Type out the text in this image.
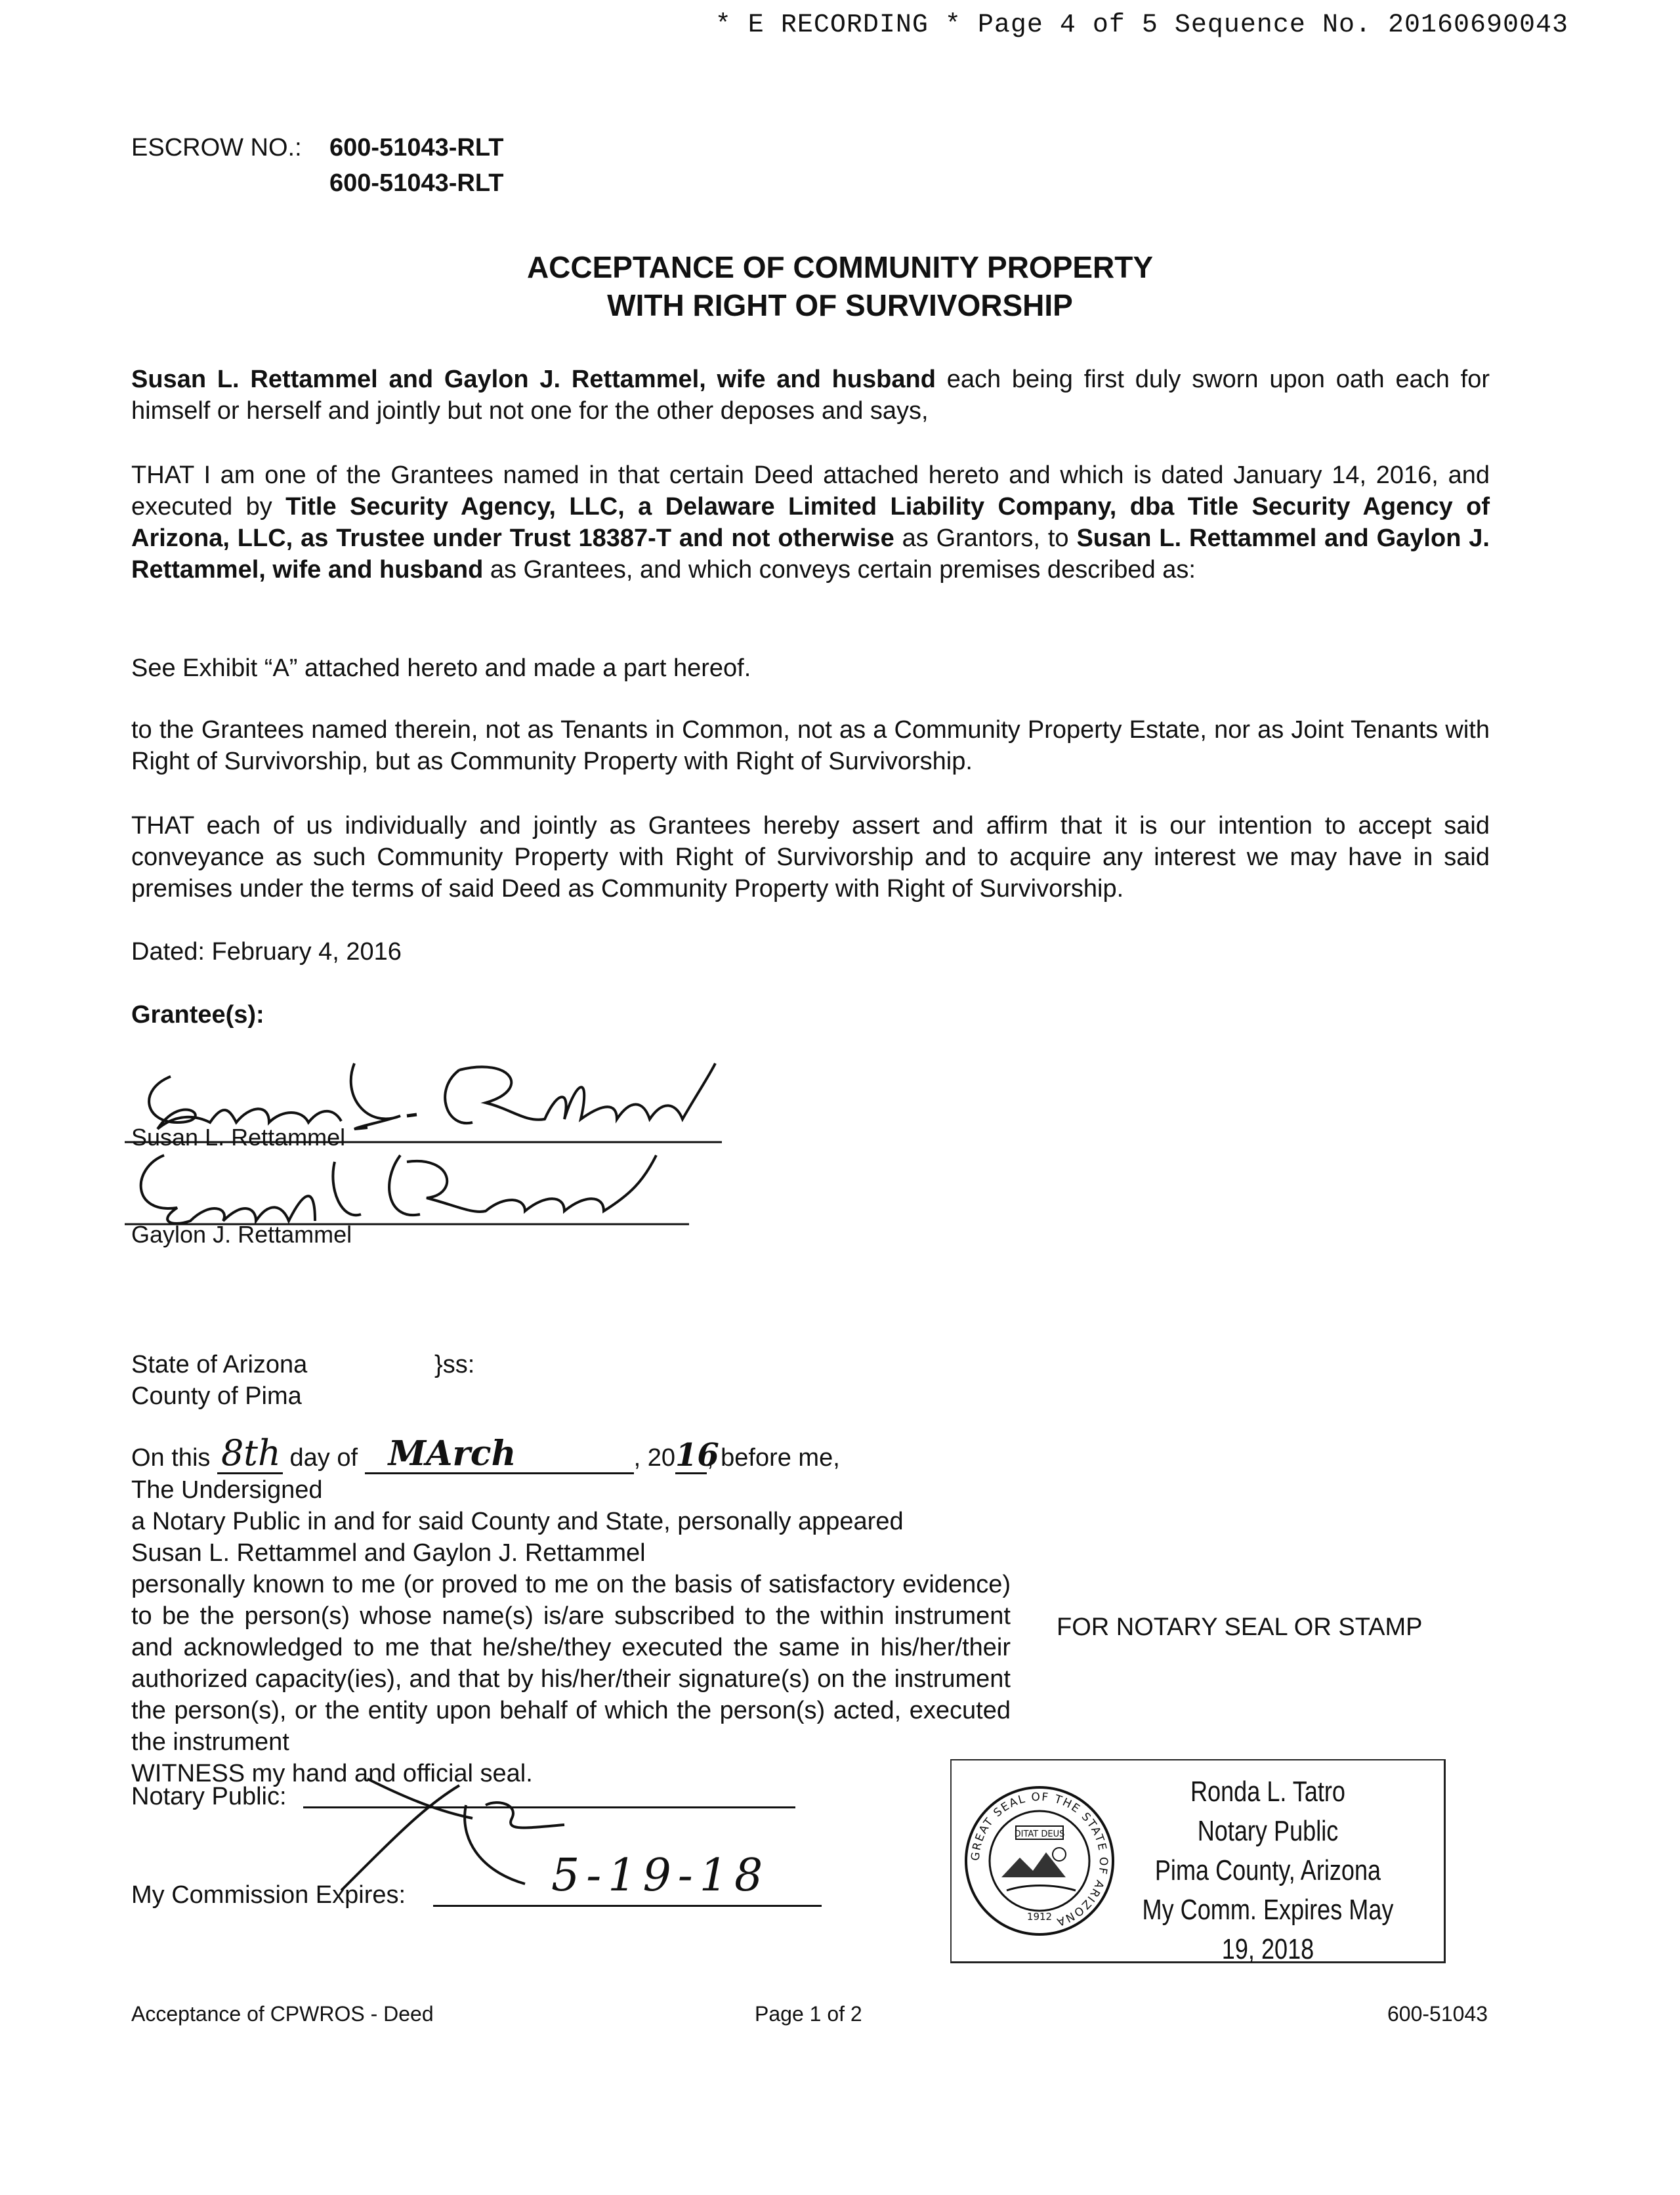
* E RECORDING * Page 4 of 5 Sequence No. 20160690043
ESCROW NO.: 600-51043-RLT
600-51043-RLT
ACCEPTANCE OF COMMUNITY PROPERTY
WITH RIGHT OF SURVIVORSHIP
Susan L. Rettammel and Gaylon J. Rettammel, wife and husband each being first duly sworn upon oath each for himself or herself and jointly but not one for the other deposes and says,
THAT I am one of the Grantees named in that certain Deed attached hereto and which is dated January 14, 2016, and executed by Title Security Agency, LLC, a Delaware Limited Liability Company, dba Title Security Agency of Arizona, LLC, as Trustee under Trust 18387-T and not otherwise as Grantors, to Susan L. Rettammel and Gaylon J. Rettammel, wife and husband as Grantees, and which conveys certain premises described as:
See Exhibit “A” attached hereto and made a part hereof.
to the Grantees named therein, not as Tenants in Common, not as a Community Property Estate, nor as Joint Tenants with Right of Survivorship, but as Community Property with Right of Survivorship.
THAT each of us individually and jointly as Grantees hereby assert and affirm that it is our intention to accept said conveyance as such Community Property with Right of Survivorship and to acquire any interest we may have in said premises under the terms of said Deed as Community Property with Right of Survivorship.
Dated: February 4, 2016
Grantee(s):
Susan L. Rettammel
Gaylon J. Rettammel
State of Arizona	}ss:
County of Pima
On this 8th day of MArch	, 20 16
, before me,
The Undersigned
a Notary Public in and for said County and State, personally appeared
Susan L. Rettammel and Gaylon J. Rettammel
personally known to me (or proved to me on the basis of satisfactory evidence) to be the person(s) whose name(s) is/are subscribed to the within instrument and acknowledged to me that he/she/they executed the same in his/her/their authorized capacity(ies), and that by his/her/their signature(s) on the instrument the person(s), or the entity upon behalf of which the person(s) acted, executed the instrument
WITNESS my hand and official seal.
Notary Public:
My Commission Expires:	5-19-18
FOR NOTARY SEAL OR STAMP
GREAT SEAL OF THE STATE OF ARIZONA
DITAT DEUS
1912
Ronda L. Tatro
Notary Public
Pima County, Arizona
My Comm. Expires May 19, 2018
Acceptance of CPWROS - Deed	Page 1 of 2	600-51043
